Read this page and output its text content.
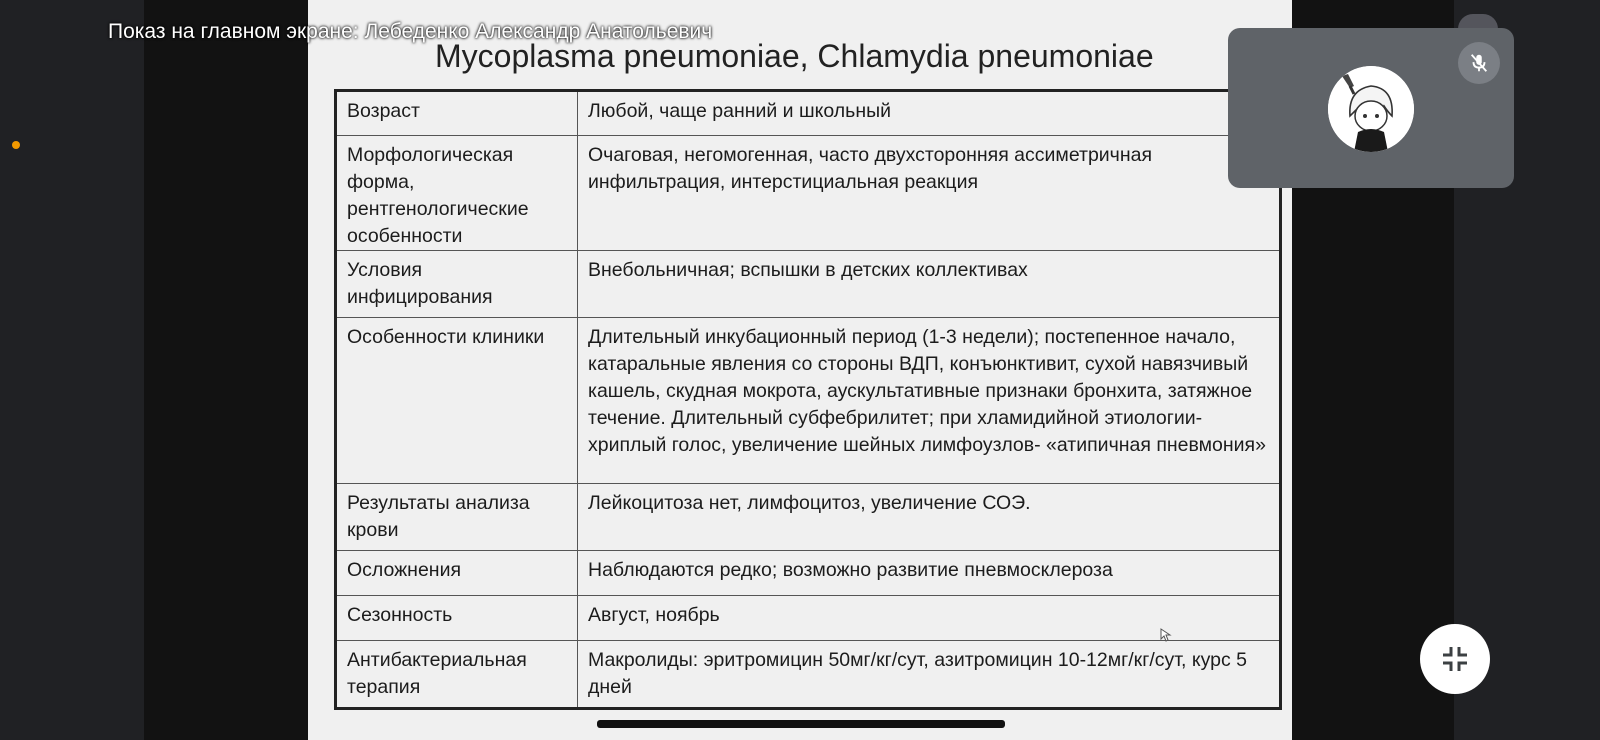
Mycoplasma pneumoniae, Chlamydia pneumoniae
Возраст	Любой, чаще ранний и школьный
Морфологическая форма, рентгенологические особенности	Очаговая, негомогенная, часто двухсторонняя ассиметричная инфильтрация, интерстициальная реакция
Условия инфицирования	Внебольничная; вспышки в детских коллективах
Особенности клиники	Длительный инкубационный период (1-3 недели); постепенное начало, катаральные явления со стороны ВДП, конъюнктивит, сухой навязчивый кашель, скудная мокрота, аускультативные признаки бронхита, затяжное течение. Длительный субфебрилитет; при хламидийной этиологии- хриплый голос, увеличение шейных лимфоузлов- «атипичная пневмония»
Результаты анализа крови	Лейкоцитоза нет, лимфоцитоз, увеличение СОЭ.
Осложнения	Наблюдаются редко; возможно развитие пневмосклероза
Сезонность	Август, ноябрь
Антибактериальная терапия	Макролиды: эритромицин 50мг/кг/сут, азитромицин 10-12мг/кг/сут, курс 5 дней
Показ на главном экране: Лебеденко Александр Анатольевич
